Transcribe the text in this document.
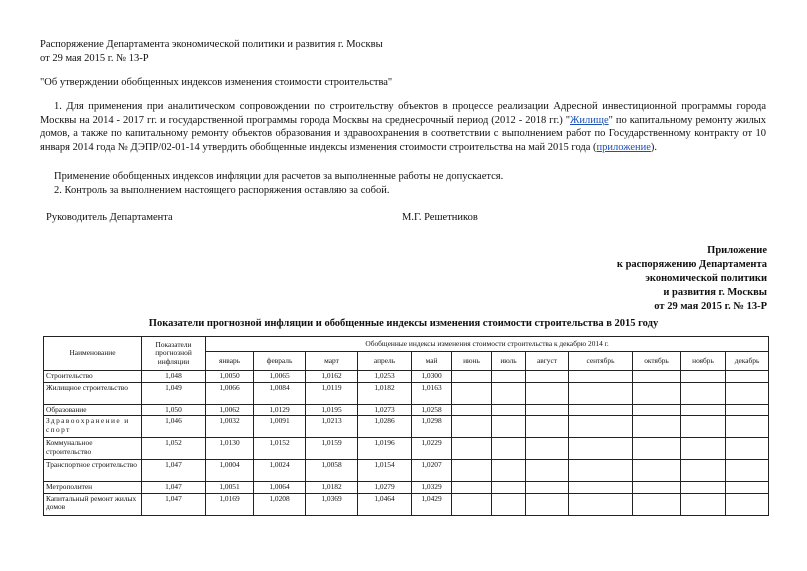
Распоряжение Департамента экономической политики и развития г. Москвы
от 29 мая 2015 г. № 13-Р
"Об утверждении обобщенных индексов изменения стоимости строительства"
1. Для применения при аналитическом сопровождении по строительству объектов в процессе реализации Адресной инвестиционной программы города Москвы на 2014 - 2017 гг. и государственной программы города Москвы на среднесрочный период (2012 - 2018 гг.) "Жилище" по капитальному ремонту жилых домов, а также по капитальному ремонту объектов образования и здравоохранения в соответствии с выполнением работ по Государственному контракту от 10 января 2014 года № ДЭПР/02-01-14 утвердить обобщенные индексы изменения стоимости строительства на май 2015 года (приложение).
Применение обобщенных индексов инфляции для расчетов за выполненные работы не допускается.
2. Контроль за выполнением настоящего распоряжения оставляю за собой.
Руководитель Департамента	М.Г. Решетников
Приложение
к распоряжению Департамента
экономической политики
и развития г. Москвы
от 29 мая 2015 г. № 13-Р
Показатели прогнозной инфляции и обобщенные индексы изменения стоимости строительства в 2015 году
Наименование	Показатели прогнозной инфляции	Обобщенные индексы изменения стоимости строительства к декабрю 2014 г.											
		январь	февраль	март	апрель	май	июнь	июль	август	сентябрь	октябрь	ноябрь	декабрь
Строительство	1,048	1,0050	1,0065	1,0162	1,0253	1,0300							
Жилищное строительство	1,049	1,0066	1,0084	1,0119	1,0182	1,0163							
Образование	1,050	1,0062	1,0129	1,0195	1,0273	1,0258							
Здравоохранение и спорт	1,046	1,0032	1,0091	1,0213	1,0286	1,0298							
Коммунальное строительство	1,052	1,0130	1,0152	1,0159	1,0196	1,0229							
Транспортное строительство	1,047	1,0004	1,0024	1,0058	1,0154	1,0207							
Метрополитен	1,047	1,0051	1,0064	1,0182	1,0279	1,0329							
Капитальный ремонт жилых домов	1,047	1,0169	1,0208	1,0369	1,0464	1,0429							
